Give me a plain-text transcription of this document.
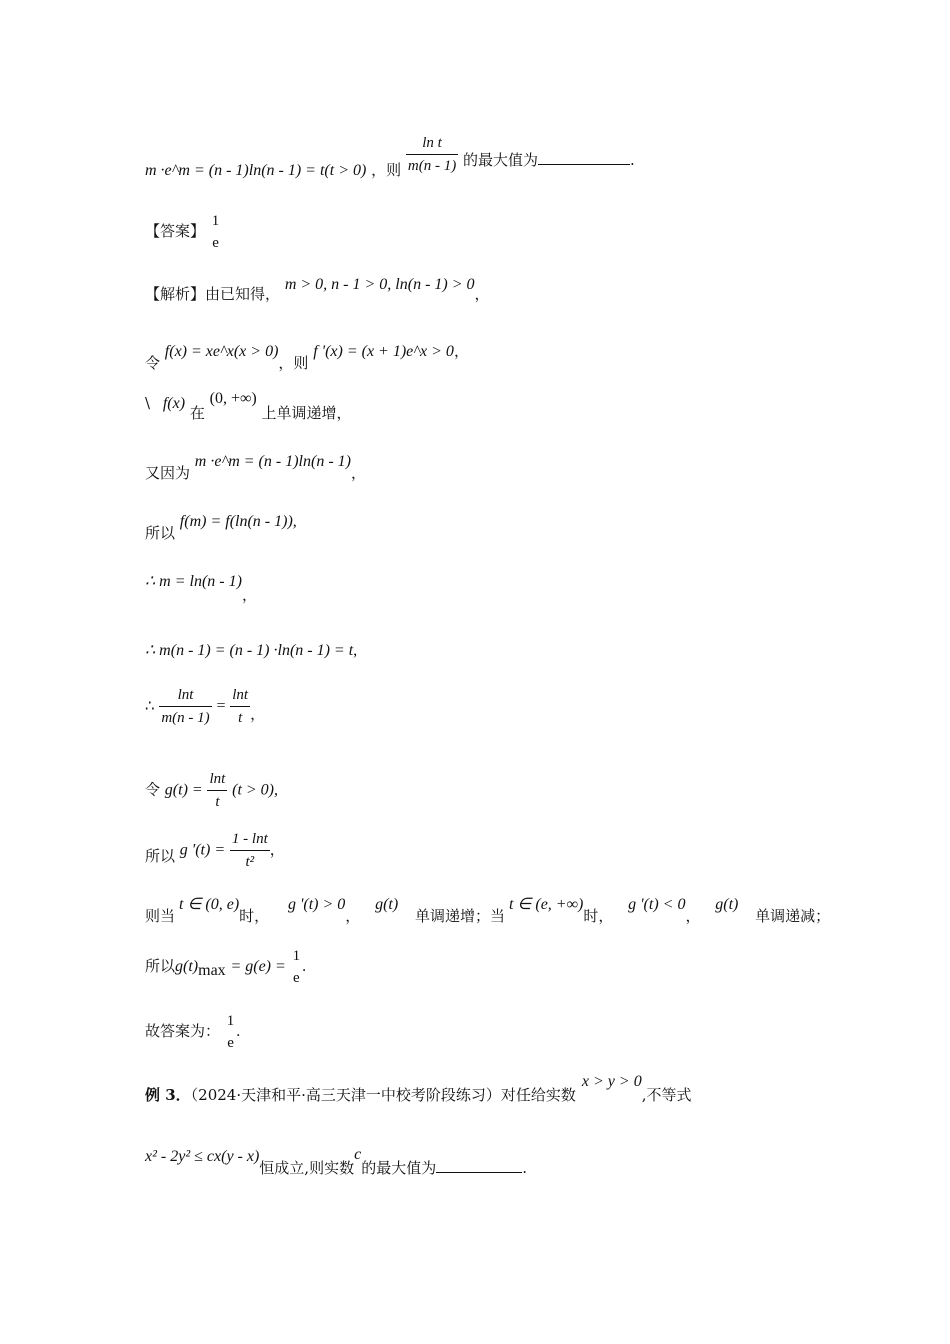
m ·e^m = (n - 1)ln(n - 1) = t(t > 0) ，则 $\frac{\text{ln t}}{m(n - 1)}$ 的最大值为	.
【答案】
1
e
【解析】由已知得， m > 0, n - 1 > 0, ln(n - 1) > 0，
令 f(x) = xe^x(x > 0)，则 f '(x) = (x + 1)e^x > 0，
\ f(x) 在 (0, +∞) 上单调递增，
又因为 m ·e^m = (n - 1)ln(n - 1)，
所以 f(m) = f(ln(n - 1)),
∴ m = ln(n - 1)，
∴ m(n - 1) = (n - 1) ·ln(n - 1) = t,
∴ $\frac{\ln t}{m(n - 1)} = \frac{\ln t}{t}$ ，
令 $g(t) = \frac{\ln t}{t} (t > 0)$,
所以 g '$(t) = \frac{1 - \ln t}{\text{t²}}$ ，
则当t ∈ (0, e)时， g '(t) > 0， g(t) 单调递增；当t ∈ (e, +∞)时， g '(t) < 0， g(t) 单调递减；
所以$g(t)_{max} = g(e)$ =
1
e
.
故答案为：
1
e
.
例 3．（2024·天津和平·高三天津一中校考阶段练习）对任给实数x > y > 0,不等式
x² - 2y² ≤ cx(y - x)恒成立,则实数c的最大值为	.
